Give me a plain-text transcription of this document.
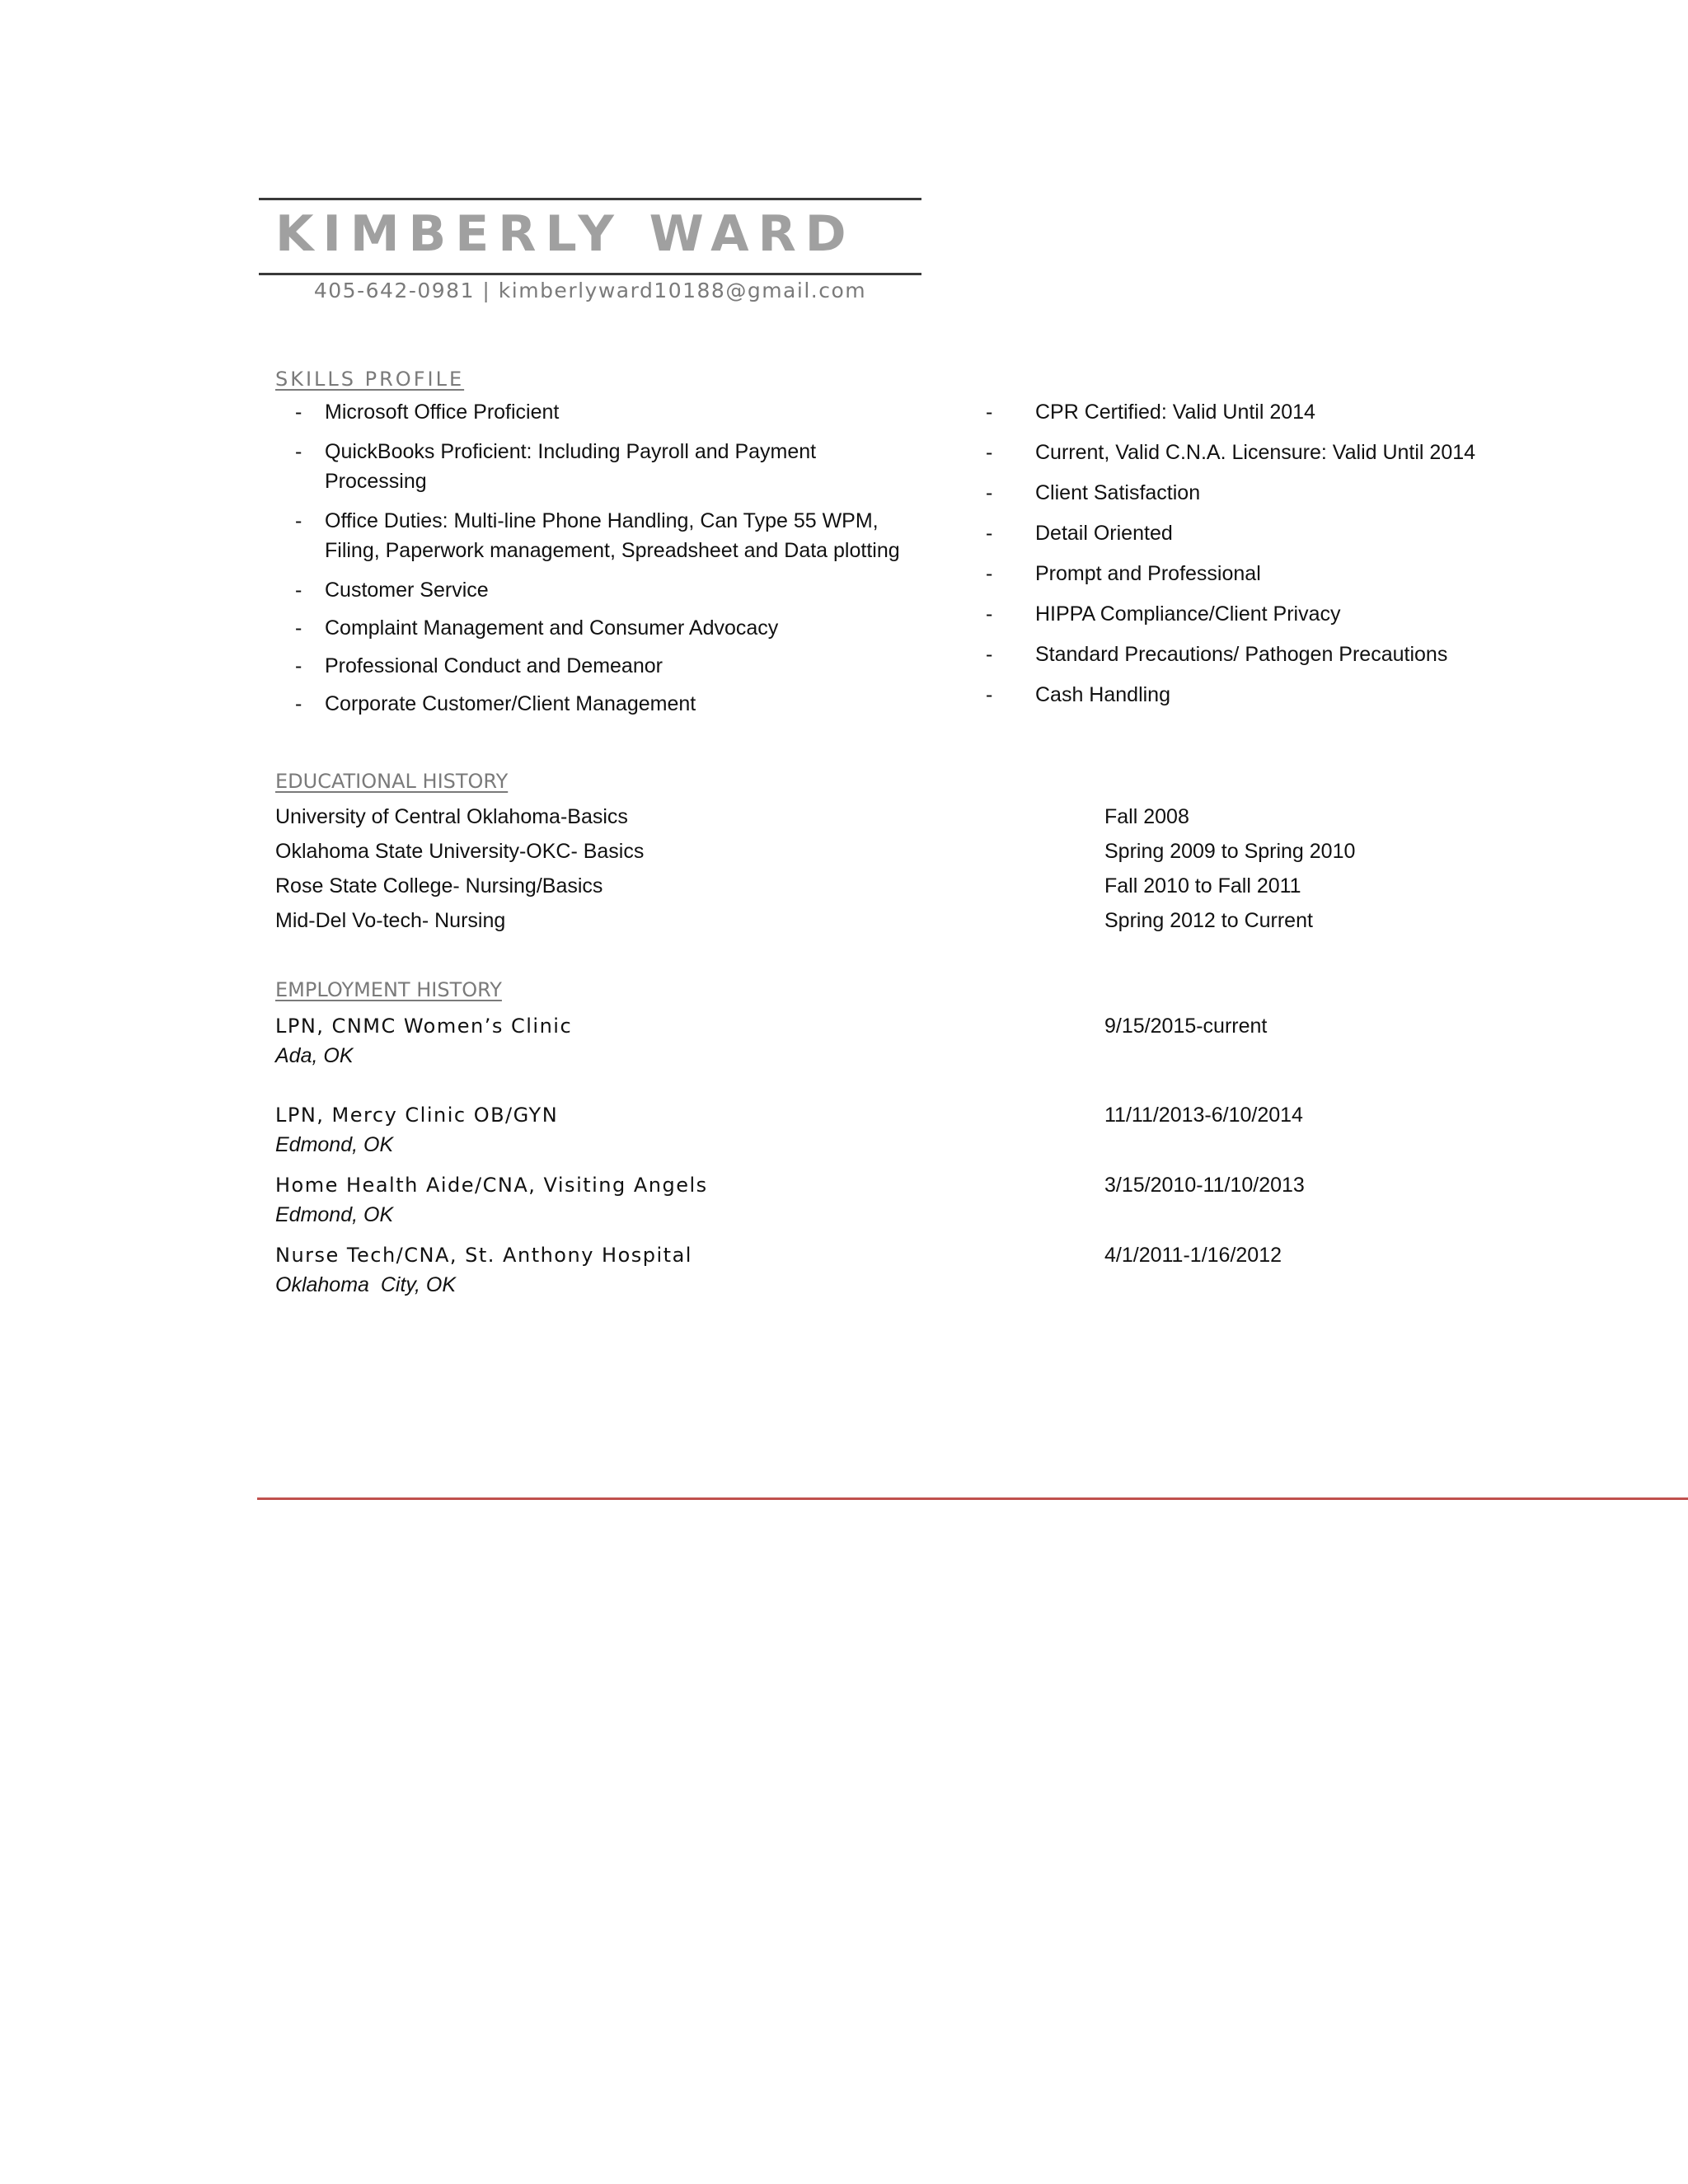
KIMBERLY WARD
405-642-0981 | kimberlyward10188@gmail.com
SKILLS PROFILE
- Microsoft Office Proficient
- QuickBooks Proficient: Including Payroll and Payment Processing
- Office Duties: Multi-line Phone Handling, Can Type 55 WPM, Filing, Paperwork management, Spreadsheet and Data plotting
- Customer Service
- Complaint Management and Consumer Advocacy
- Professional Conduct and Demeanor
- Corporate Customer/Client Management
- CPR Certified: Valid Until 2014
- Current, Valid C.N.A. Licensure: Valid Until 2014
- Client Satisfaction
- Detail Oriented
- Prompt and Professional
- HIPPA Compliance/Client Privacy
- Standard Precautions/ Pathogen Precautions
- Cash Handling
EDUCATIONAL HISTORY
University of Central Oklahoma-Basics	Fall 2008
Oklahoma State University-OKC- Basics	Spring 2009 to Spring 2010
Rose State College- Nursing/Basics	Fall 2010 to Fall 2011
Mid-Del Vo-tech- Nursing	Spring 2012 to Current
EMPLOYMENT HISTORY
LPN, CNMC Women’s Clinic	9/15/2015-current
Ada, OK
LPN, Mercy Clinic OB/GYN	11/11/2013-6/10/2014
Edmond, OK
Home Health Aide/CNA, Visiting Angels	3/15/2010-11/10/2013
Edmond, OK
Nurse Tech/CNA, St. Anthony Hospital	4/1/2011-1/16/2012
Oklahoma  City, OK
